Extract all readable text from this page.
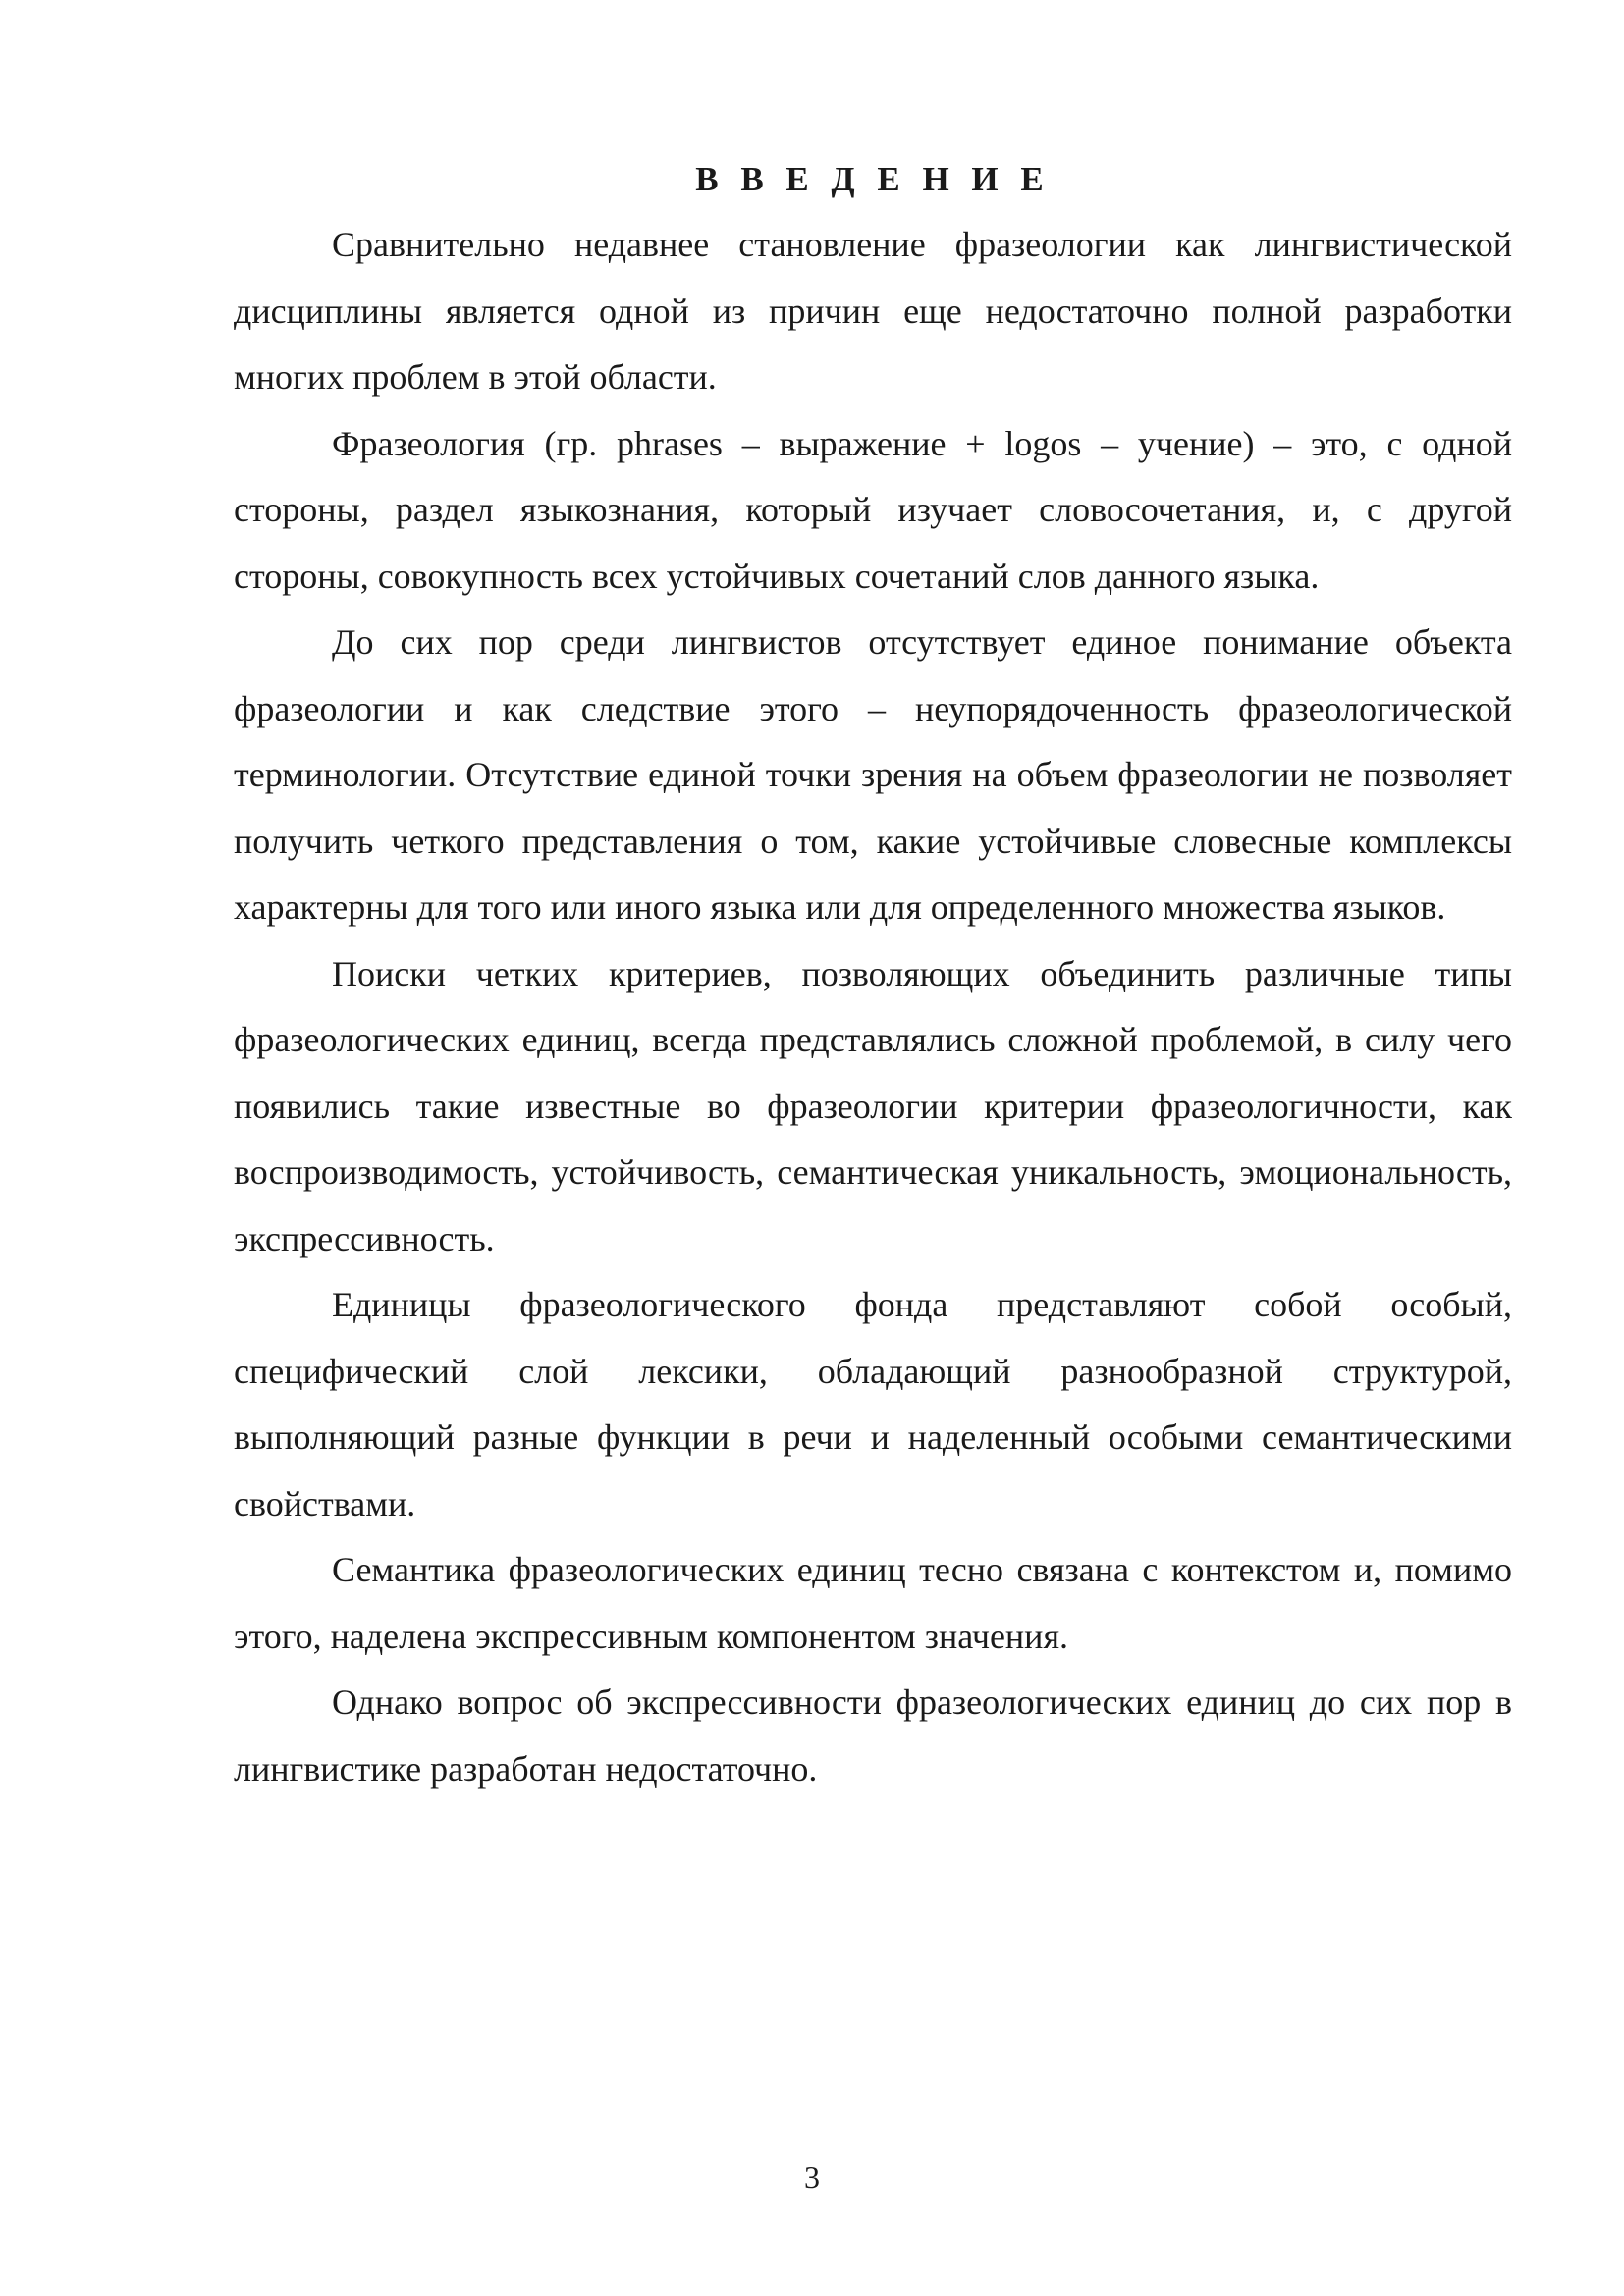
В В Е Д Е Н И Е

Сравнительно недавнее становление фразеологии как лингвистической дисциплины является одной из причин еще недостаточно полной разработки многих проблем в этой области.

Фразеология (гр. phrases – выражение + logos – учение) – это, с одной стороны, раздел языкознания, который изучает словосочетания, и, с другой стороны, совокупность всех устойчивых сочетаний слов данного языка.

До сих пор среди лингвистов отсутствует единое понимание объекта фразеологии и как следствие этого – неупорядоченность фразеологической терминологии. Отсутствие единой точки зрения на объем фразеологии не позволяет получить четкого представления о том, какие устойчивые словесные комплексы характерны для того или иного языка или для определенного множества языков.

Поиски четких критериев, позволяющих объединить различные типы фразеологических единиц, всегда представлялись сложной проблемой, в силу чего появились такие известные во фразеологии критерии фразеологичности, как воспроизводимость, устойчивость, семантическая уникальность, эмоциональность, экспрессивность.

Единицы фразеологического фонда представляют собой особый, специфический слой лексики, обладающий разнообразной структурой, выполняющий разные функции в речи и наделенный особыми семантическими свойствами.

Семантика фразеологических единиц тесно связана с контекстом и, помимо этого, наделена экспрессивным компонентом значения.

Однако вопрос об экспрессивности фразеологических единиц до сих пор в лингвистике разработан недостаточно.

3
